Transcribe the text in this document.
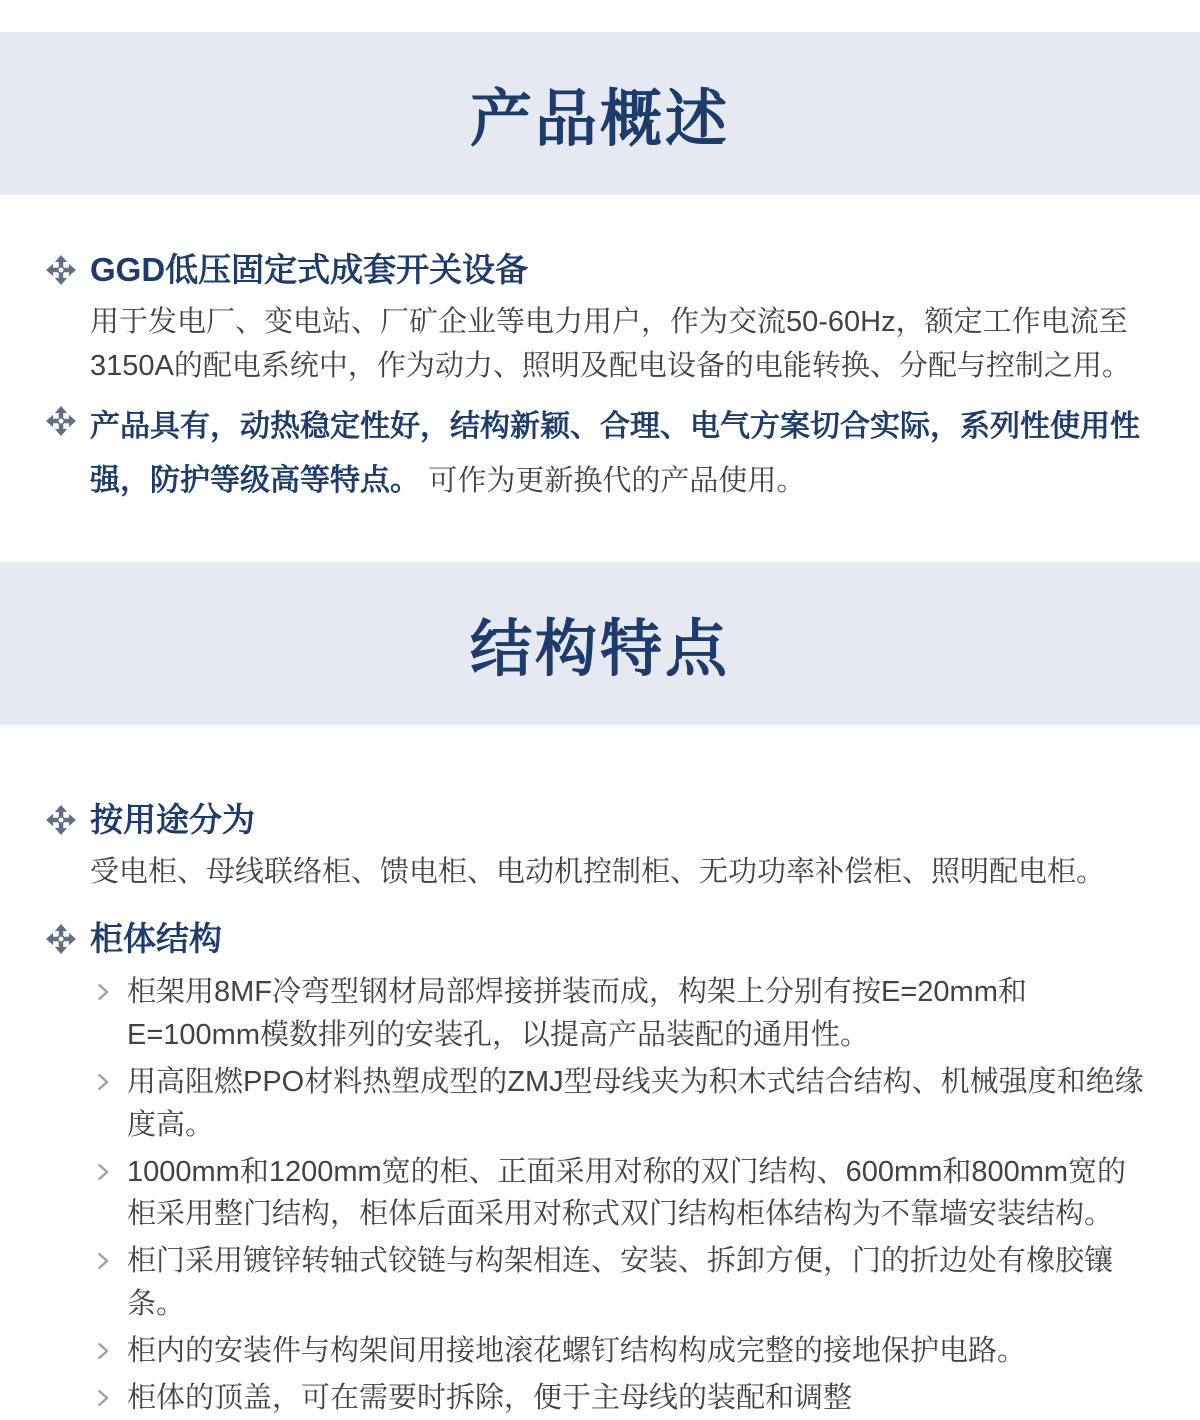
产品概述
GGD低压固定式成套开关设备
用于发电厂、变电站、厂矿企业等电力用户，作为交流50-60Hz，额定工作电流至3150A的配电系统中，作为动力、照明及配电设备的电能转换、分配与控制之用。
产品具有，动热稳定性好，结构新颖、合理、电气方案切合实际，系列性使用性强，防护等级高等特点。 可作为更新换代的产品使用。
结构特点
按用途分为
受电柜、母线联络柜、馈电柜、电动机控制柜、无功功率补偿柜、照明配电柜。
柜体结构
柜架用8MF冷弯型钢材局部焊接拼装而成，构架上分别有按E=20mm和E=100mm模数排列的安装孔，以提高产品装配的通用性。
用高阻燃PPO材料热塑成型的ZMJ型母线夹为积木式结合结构、机械强度和绝缘度高。
1000mm和1200mm宽的柜、正面采用对称的双门结构、600mm和800mm宽的柜采用整门结构，柜体后面采用对称式双门结构柜体结构为不靠墙安装结构。
柜门采用镀锌转轴式铰链与构架相连、安装、拆卸方便，门的折边处有橡胶镶条。
柜内的安装件与构架间用接地滚花螺钉结构构成完整的接地保护电路。
柜体的顶盖，可在需要时拆除，便于主母线的装配和调整
